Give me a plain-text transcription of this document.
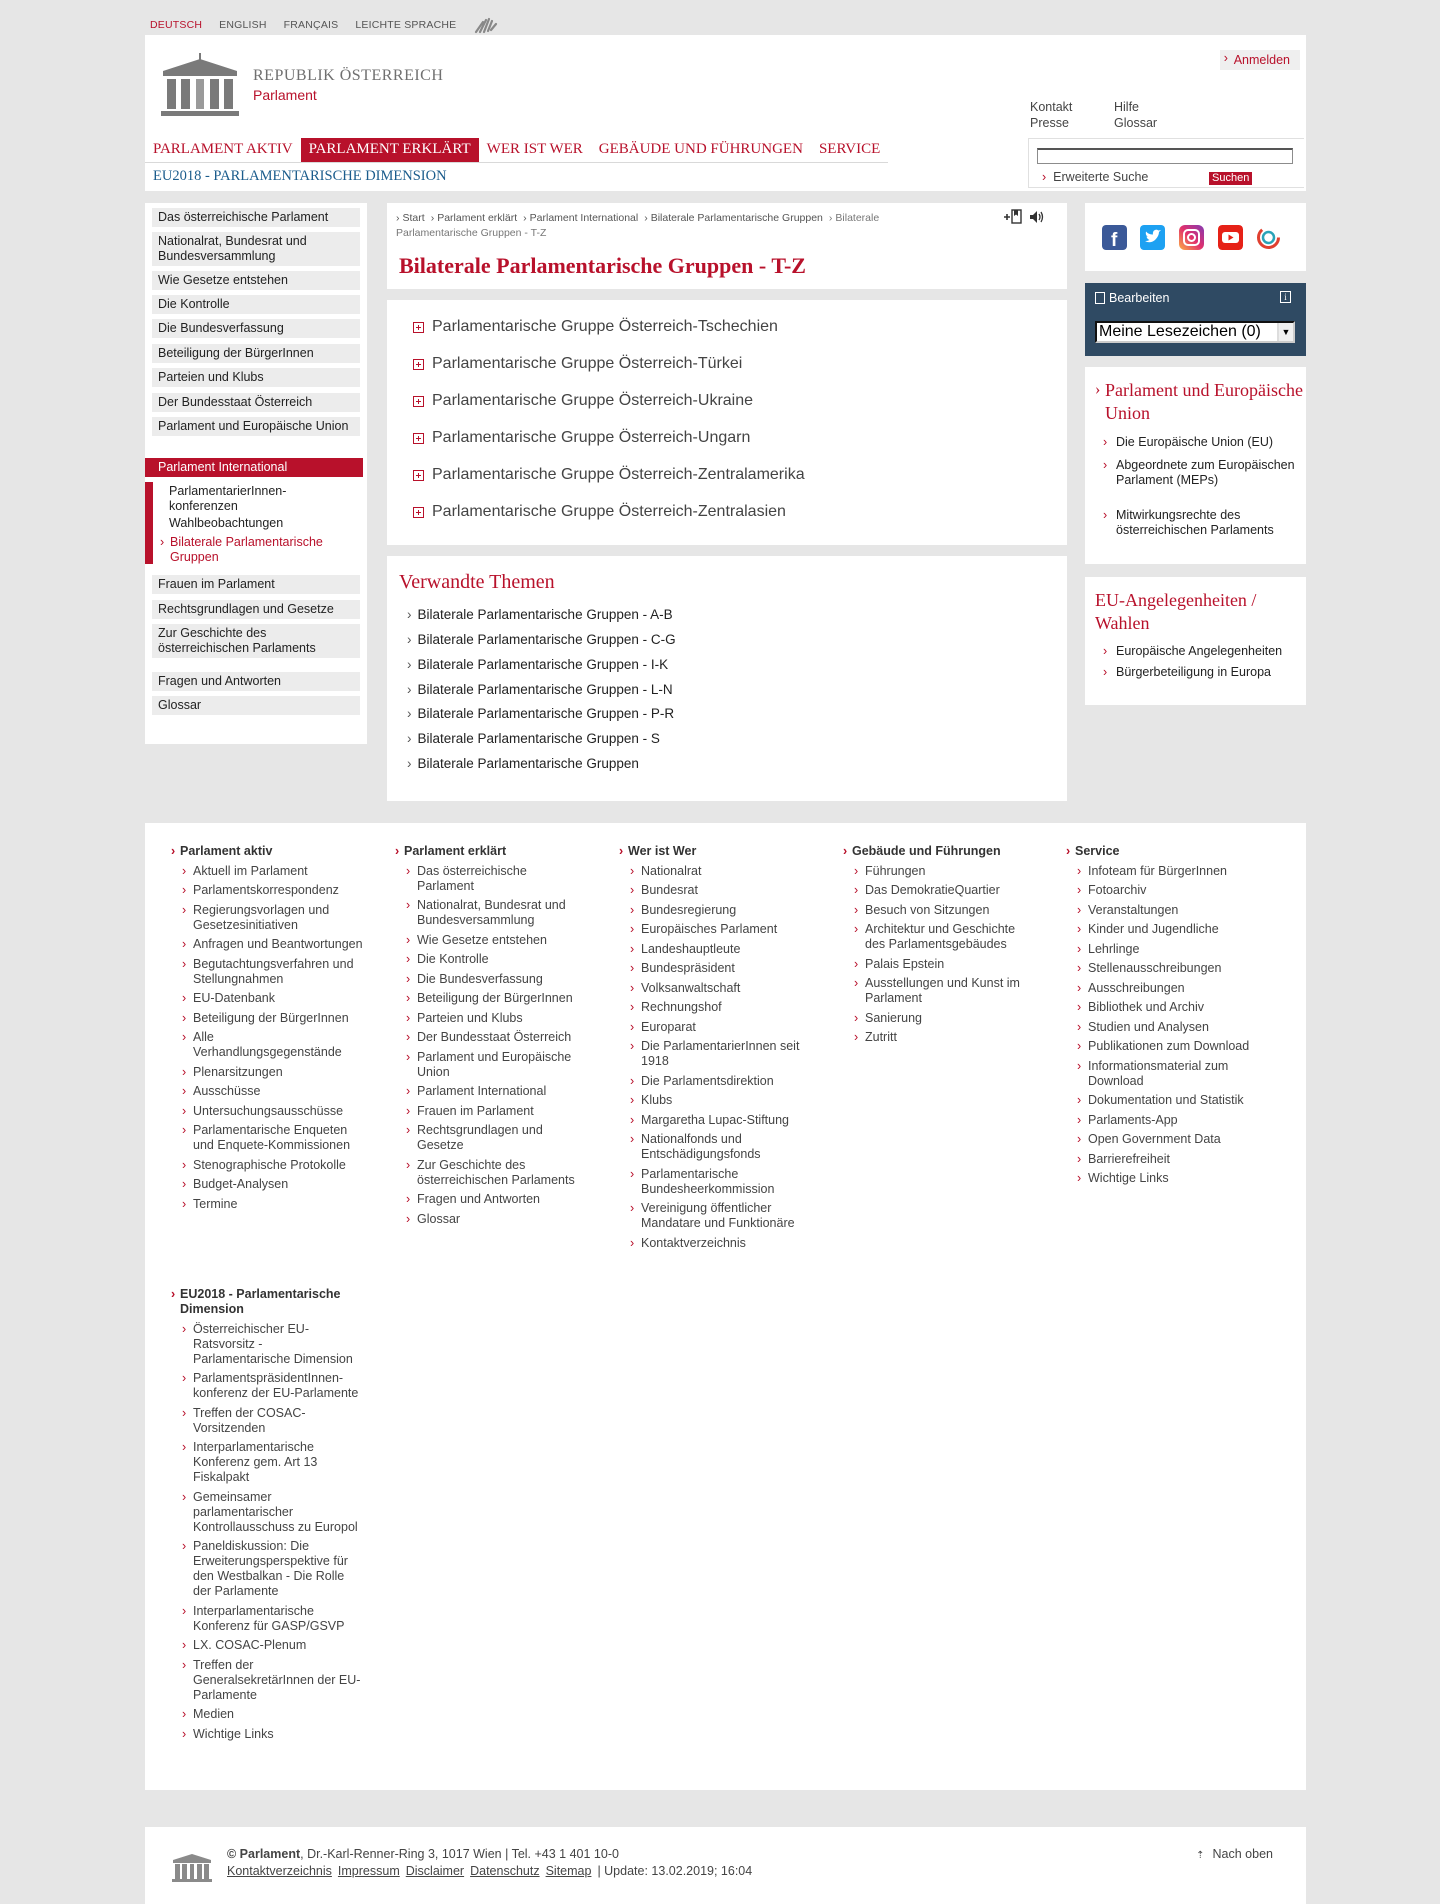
DEUTSCH ENGLISH FRANÇAIS LEICHTE SPRACHE
REPUBLIK ÖSTERREICH
Parlament
› Anmelden
Kontakt	Hilfe
Presse	Glossar
PARLAMENT AKTIV	PARLAMENT ERKLÄRT	WER IST WER	GEBÄUDE UND FÜHRUNGEN	SERVICE
EU2018 - PARLAMENTARISCHE DIMENSION	› Erweiterte Suche	Suchen
Das österreichische Parlament
Nationalrat, Bundesrat und Bundesversammlung
Wie Gesetze entstehen
Die Kontrolle
Die Bundesverfassung
Beteiligung der BürgerInnen
Parteien und Klubs
Der Bundesstaat Österreich
Parlament und Europäische Union
Parlament International
ParlamentarierInnen-konferenzen
Wahlbeobachtungen
› Bilaterale Parlamentarische Gruppen
Frauen im Parlament
Rechtsgrundlagen und Gesetze
Zur Geschichte des österreichischen Parlaments
Fragen und Antworten
Glossar
› Start › Parlament erklärt › Parlament International › Bilaterale Parlamentarische Gruppen › Bilaterale Parlamentarische Gruppen - T-Z
Bilaterale Parlamentarische Gruppen - T-Z
Parlamentarische Gruppe Österreich-Tschechien
Parlamentarische Gruppe Österreich-Türkei
Parlamentarische Gruppe Österreich-Ukraine
Parlamentarische Gruppe Österreich-Ungarn
Parlamentarische Gruppe Österreich-Zentralamerika
Parlamentarische Gruppe Österreich-Zentralasien
Verwandte Themen
› Bilaterale Parlamentarische Gruppen - A-B
› Bilaterale Parlamentarische Gruppen - C-G
› Bilaterale Parlamentarische Gruppen - I-K
› Bilaterale Parlamentarische Gruppen - L-N
› Bilaterale Parlamentarische Gruppen - P-R
› Bilaterale Parlamentarische Gruppen - S
› Bilaterale Parlamentarische Gruppen
f
Bearbeiten	i
Meine Lesezeichen (0)	▼
› Parlament und Europäische Union
› Die Europäische Union (EU)
› Abgeordnete zum Europäischen Parlament (MEPs)
› Mitwirkungsrechte des österreichischen Parlaments
EU-Angelegenheiten / Wahlen
› Europäische Angelegenheiten
› Bürgerbeteiligung in Europa
› Parlament aktiv
› Aktuell im Parlament
› Parlamentskorrespondenz
› Regierungsvorlagen und Gesetzesinitiativen
› Anfragen und Beantwortungen
› Begutachtungsverfahren und Stellungnahmen
› EU-Datenbank
› Beteiligung der BürgerInnen
› Alle Verhandlungsgegenstände
› Plenarsitzungen
› Ausschüsse
› Untersuchungsausschüsse
› Parlamentarische Enqueten und Enquete-Kommissionen
› Stenographische Protokolle
› Budget-Analysen
› Termine
› Parlament erklärt
› Das österreichische Parlament
› Nationalrat, Bundesrat und Bundesversammlung
› Wie Gesetze entstehen
› Die Kontrolle
› Die Bundesverfassung
› Beteiligung der BürgerInnen
› Parteien und Klubs
› Der Bundesstaat Österreich
› Parlament und Europäische Union
› Parlament International
› Frauen im Parlament
› Rechtsgrundlagen und Gesetze
› Zur Geschichte des österreichischen Parlaments
› Fragen und Antworten
› Glossar
› Wer ist Wer
› Nationalrat
› Bundesrat
› Bundesregierung
› Europäisches Parlament
› Landeshauptleute
› Bundespräsident
› Volksanwaltschaft
› Rechnungshof
› Europarat
› Die ParlamentarierInnen seit 1918
› Die Parlamentsdirektion
› Klubs
› Margaretha Lupac-Stiftung
› Nationalfonds und Entschädigungsfonds
› Parlamentarische Bundesheerkommission
› Vereinigung öffentlicher Mandatare und Funktionäre
› Kontaktverzeichnis
› Gebäude und Führungen
› Führungen
› Das DemokratieQuartier
› Besuch von Sitzungen
› Architektur und Geschichte des Parlamentsgebäudes
› Palais Epstein
› Ausstellungen und Kunst im Parlament
› Sanierung
› Zutritt
› Service
› Infoteam für BürgerInnen
› Fotoarchiv
› Veranstaltungen
› Kinder und Jugendliche
› Lehrlinge
› Stellenausschreibungen
› Ausschreibungen
› Bibliothek und Archiv
› Studien und Analysen
› Publikationen zum Download
› Informationsmaterial zum Download
› Dokumentation und Statistik
› Parlaments-App
› Open Government Data
› Barrierefreiheit
› Wichtige Links
› EU2018 - Parlamentarische Dimension
› Österreichischer EU-Ratsvorsitz - Parlamentarische Dimension
› ParlamentspräsidentInnen-konferenz der EU-Parlamente
› Treffen der COSAC-Vorsitzenden
› Interparlamentarische Konferenz gem. Art 13 Fiskalpakt
› Gemeinsamer parlamentarischer Kontrollausschuss zu Europol
› Paneldiskussion: Die Erweiterungsperspektive für den Westbalkan - Die Rolle der Parlamente
› Interparlamentarische Konferenz für GASP/GSVP
› LX. COSAC-Plenum
› Treffen der GeneralsekretärInnen der EU-Parlamente
› Medien
› Wichtige Links
© Parlament, Dr.-Karl-Renner-Ring 3, 1017 Wien | Tel. +43 1 401 10-0
Kontaktverzeichnis Impressum Disclaimer Datenschutz Sitemap | Update: 13.02.2019; 16:04
⇡ Nach oben
